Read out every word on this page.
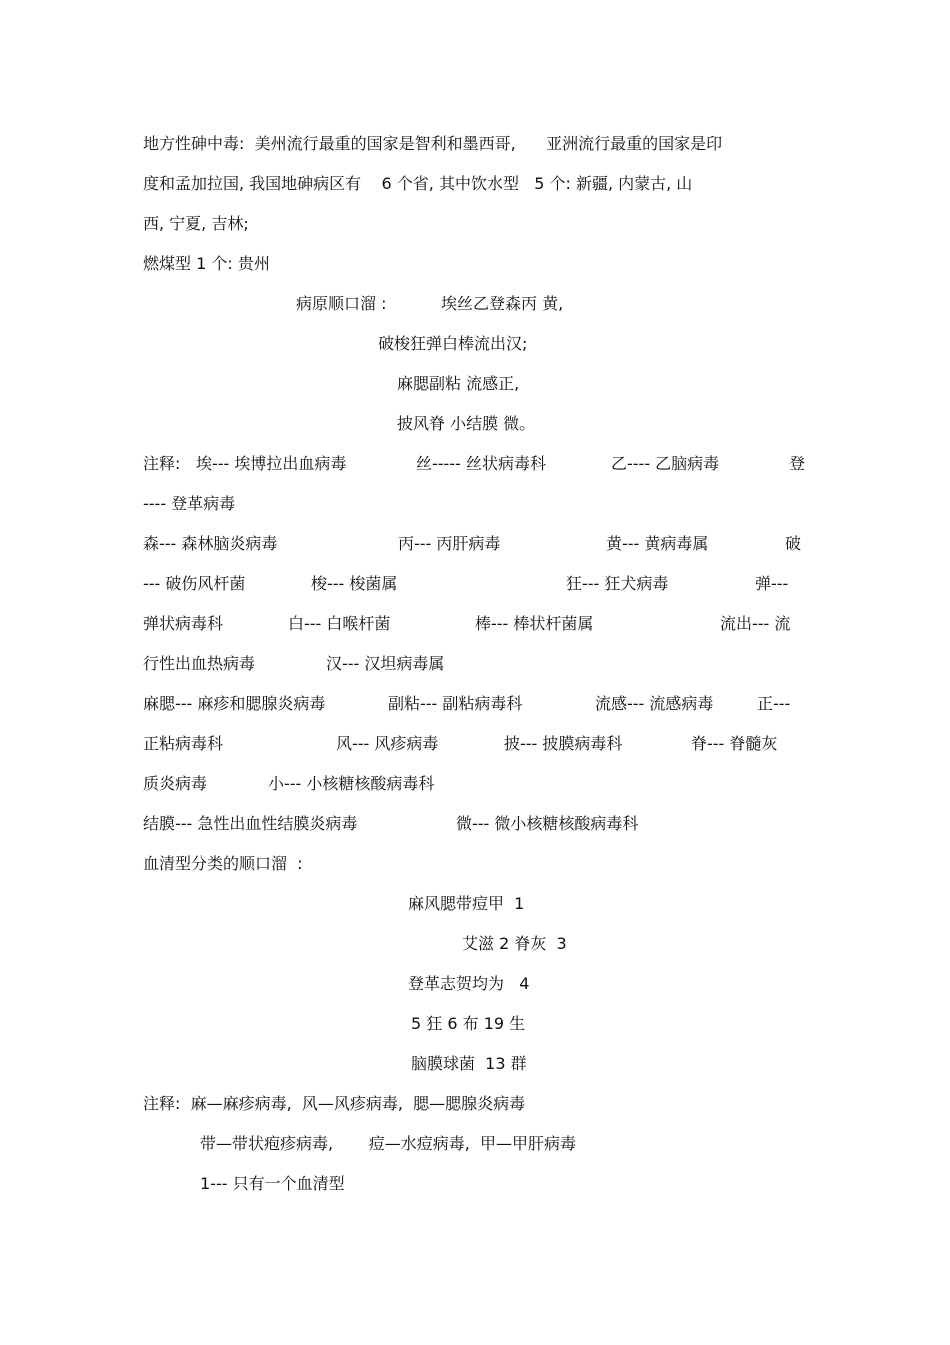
地方性砷中毒:  美州流行最重的国家是智利和墨西哥,      亚洲流行最重的国家是印
度和孟加拉国, 我国地砷病区有    6 个省, 其中饮水型   5 个: 新疆, 内蒙古, 山
西, 宁夏, 吉林;
燃煤型 1 个: 贵州
病原顺口溜 :	埃丝乙登森丙 黄,
破梭狂弹白棒流出汉;
麻腮副粘 流感正,
披风脊 小结膜 微。
注释: 埃--- 埃博拉出血病毒	丝----- 丝状病毒科	乙---- 乙脑病毒	登
---- 登革病毒
森--- 森林脑炎病毒	丙--- 丙肝病毒	黄--- 黄病毒属	破
--- 破伤风杆菌	梭--- 梭菌属	狂--- 狂犬病毒	弹---
弹状病毒科	白--- 白喉杆菌	棒--- 棒状杆菌属	流出--- 流
行性出血热病毒	汉--- 汉坦病毒属
麻腮--- 麻疹和腮腺炎病毒	副粘--- 副粘病毒科	流感--- 流感病毒	正---
正粘病毒科	风--- 风疹病毒	披--- 披膜病毒科	脊--- 脊髓灰
质炎病毒	小--- 小核糖核酸病毒科
结膜--- 急性出血性结膜炎病毒	微--- 微小核糖核酸病毒科
血清型分类的顺口溜  :
麻风腮带痘甲  1
艾滋 2 脊灰  3
登革志贺均为   4
5 狂 6 布 19 生
脑膜球菌  13 群
注释:  麻—麻疹病毒,  风—风疹病毒,  腮—腮腺炎病毒
带—带状疱疹病毒,       痘—水痘病毒,  甲—甲肝病毒
1--- 只有一个血清型
